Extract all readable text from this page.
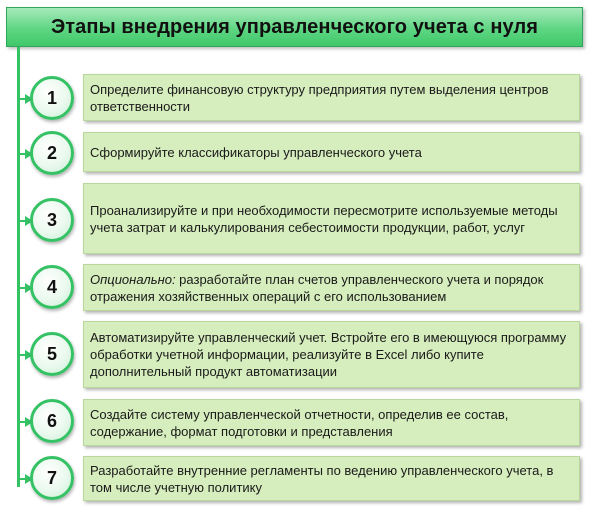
Этапы внедрения управленческого учета с нуля
1	Определите финансовую структуру предприятия путем выделения центров ответственности
2	Сформируйте классификаторы управленческого учета
3	Проанализируйте и при необходимости пересмотрите используемые методы учета затрат и калькулирования себестоимости продукции, работ, услуг
4	Опционально: разработайте план счетов управленческого учета и порядок отражения хозяйственных операций с его использованием
5
Автоматизируйте управленческий учет. Встройте его в имеющуюся программу обработки учетной информации, реализуйте в Excel либо купите дополнительный продукт автоматизации
6	Создайте систему управленческой отчетности, определив ее состав, содержание, формат подготовки и представления
7	Разработайте внутренние регламенты по ведению управленческого учета, в том числе учетную политику
